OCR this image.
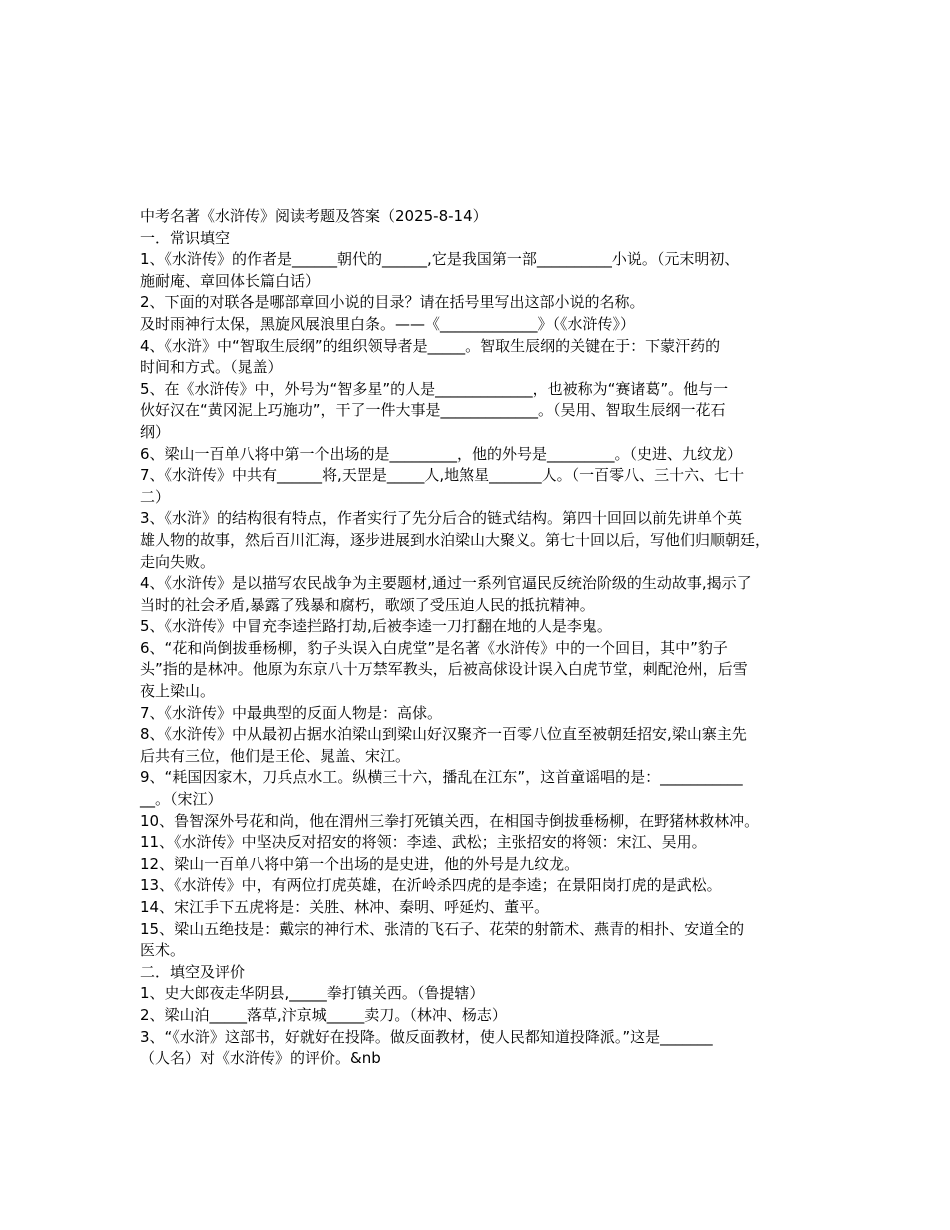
中考名著《水浒传》阅读考题及答案（2025-8-14）
一．常识填空
1、《水浒传》的作者是______朝代的______,它是我国第一部__________小说。（元末明初、
施耐庵、章回体长篇白话）
2、下面的对联各是哪部章回小说的目录？请在括号里写出这部小说的名称。
及时雨神行太保，黑旋风展浪里白条。——《_____________》（《水浒传》）
4、《水浒》中“智取生辰纲”的组织领导者是_____。智取生辰纲的关键在于：下蒙汗药的
时间和方式。（晁盖）
5、在《水浒传》中，外号为“智多星”的人是_____________，也被称为“赛诸葛”。他与一
伙好汉在“黄冈泥上巧施功”，干了一件大事是_____________。（吴用、智取生辰纲一花石
纲）
6、梁山一百单八将中第一个出场的是_________，他的外号是_________。（史进、九纹龙）
7、《水浒传》中共有______将,天罡是_____人,地煞星_______人。（一百零八、三十六、七十
二）
3、《水浒》的结构很有特点，作者实行了先分后合的链式结构。第四十回回以前先讲单个英
雄人物的故事，然后百川汇海，逐步进展到水泊梁山大聚义。第七十回以后，写他们归顺朝廷，
走向失败。
4、《水浒传》是以描写农民战争为主要题材,通过一系列官逼民反统治阶级的生动故事,揭示了
当时的社会矛盾,暴露了残暴和腐朽，歌颂了受压迫人民的抵抗精神。
5、《水浒传》中冒充李逵拦路打劫,后被李逵一刀打翻在地的人是李鬼。
6、“花和尚倒拔垂杨柳，豹子头误入白虎堂”是名著《水浒传》中的一个回目，其中”豹子
头”指的是林冲。他原为东京八十万禁军教头，后被高俅设计误入白虎节堂，刺配沧州，后雪
夜上梁山。
7、《水浒传》中最典型的反面人物是：高俅。
8、《水浒传》中从最初占据水泊梁山到梁山好汉聚齐一百零八位直至被朝廷招安,梁山寨主先
后共有三位，他们是王伦、晁盖、宋江。
9、“耗国因家木，刀兵点水工。纵横三十六，播乱在江东”，这首童谣唱的是：___________
__。（宋江）
10、鲁智深外号花和尚，他在渭州三拳打死镇关西，在相国寺倒拔垂杨柳，在野猪林救林冲。
11、《水浒传》中坚决反对招安的将领：李逵、武松；主张招安的将领：宋江、吴用。
12、梁山一百单八将中第一个出场的是史进，他的外号是九纹龙。
13、《水浒传》中，有两位打虎英雄，在沂岭杀四虎的是李逵；在景阳岗打虎的是武松。
14、宋江手下五虎将是：关胜、林冲、秦明、呼延灼、董平。
15、梁山五绝技是：戴宗的神行术、张清的飞石子、花荣的射箭术、燕青的相扑、安道全的
医术。
二．填空及评价
1、史大郎夜走华阴县,_____拳打镇关西。（鲁提辖）
2、梁山泊_____落草,汴京城_____卖刀。（林冲、杨志）
3、“《水浒》这部书，好就好在投降。做反面教材，使人民都知道投降派。”这是_______
（人名）对《水浒传》的评价。&nb
